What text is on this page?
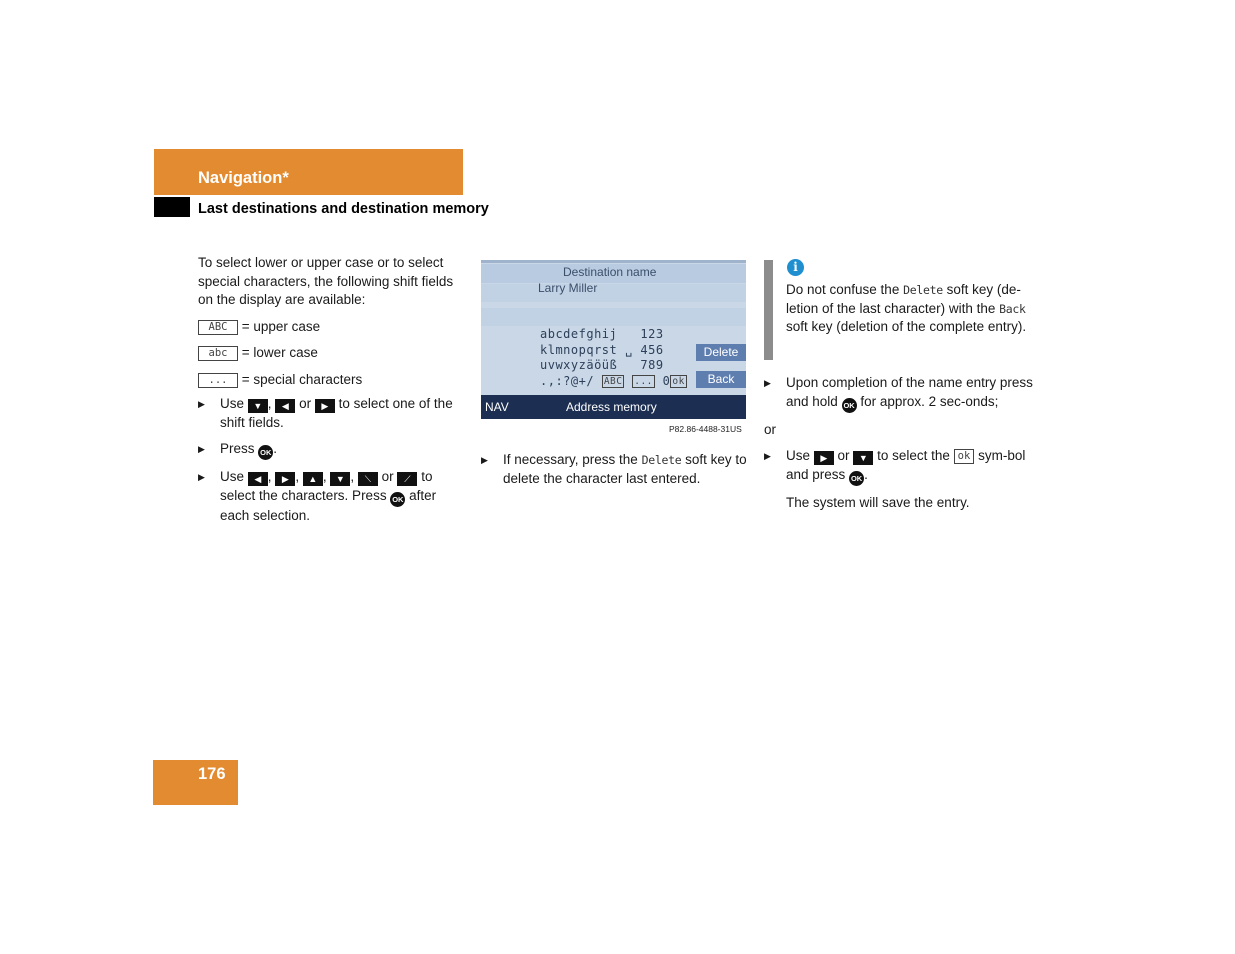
Navigation*
Last destinations and destination memory

To select lower or upper case or to select special characters, the following shift fields on the display are available:

ABC = upper case
abc = lower case
... = special characters
▶ Use ▼ , ◀ or ▶ to select one of the shift fields.
▶ Press OK .
▶ Use ◀ , ▶ , ▲ , ▼ , ⟍ or ⟋ to select the characters. Press OK after each selection.
Destination name
Larry Miller
abcdefghij   123
klmnopqrst ␣ 456
uvwxyzäöüß   789
.,:?@+/ ABC ... 0 ok
Delete
Back
NAV	Address memory
P82.86-4488-31US
▶ If necessary, press the Delete soft key to delete the character last entered.
i
Do not confuse the Delete soft key (de-letion of the last character) with the Back soft key (deletion of the complete entry).
▶ Upon completion of the name entry press and hold OK for approx. 2 sec-onds;

or

▶ Use ▶ or ▼ to select the ok sym-bol and press OK .

The system will save the entry.

176
